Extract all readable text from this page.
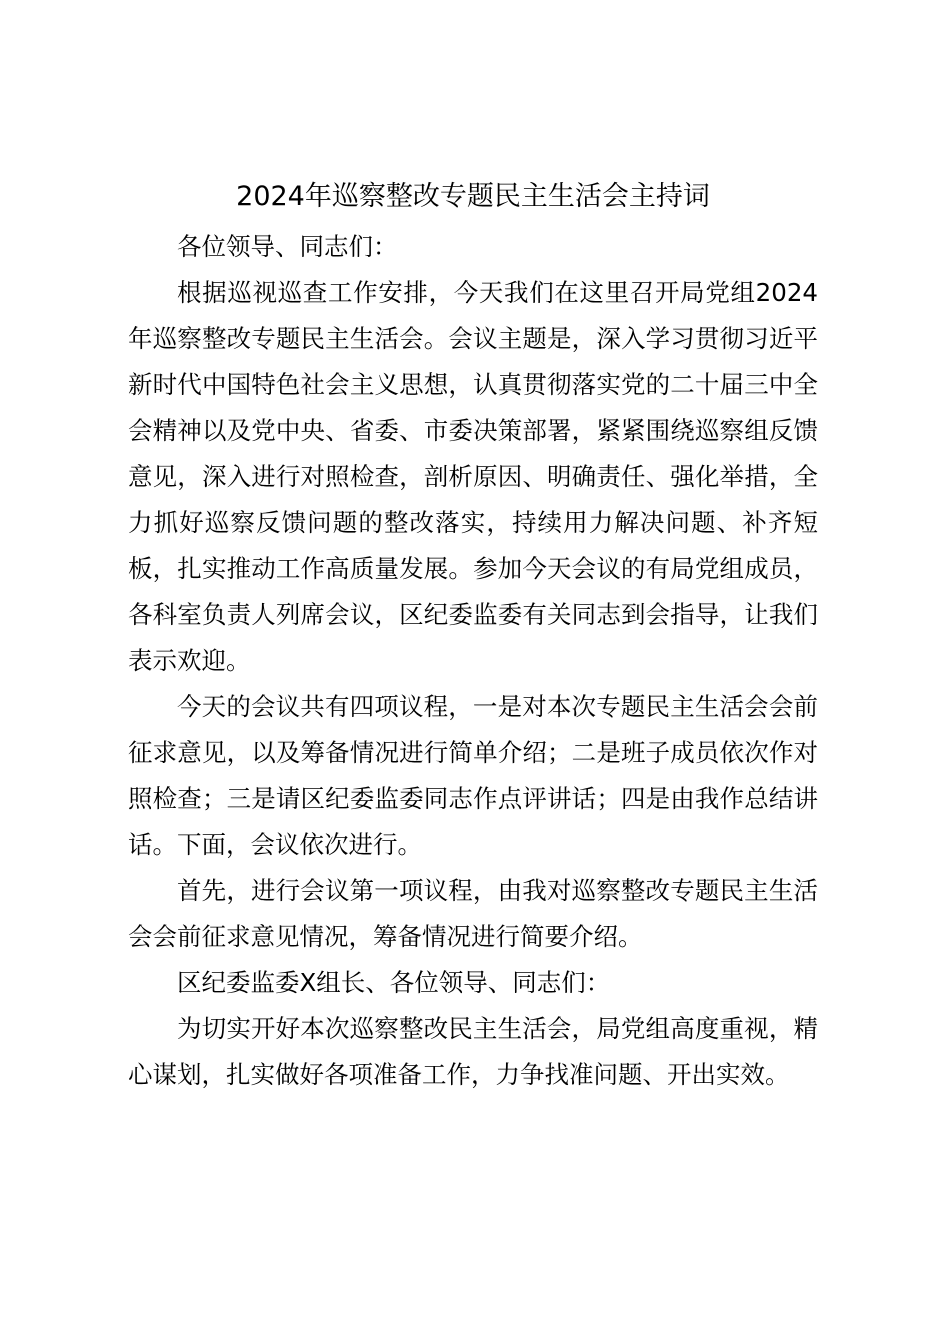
2024年巡察整改专题民主生活会主持词

各位领导、同志们：

根据巡视巡查工作安排，今天我们在这里召开局党组2024年巡察整改专题民主生活会。会议主题是，深入学习贯彻习近平新时代中国特色社会主义思想，认真贯彻落实党的二十届三中全会精神以及党中央、省委、市委决策部署，紧紧围绕巡察组反馈意见，深入进行对照检查，剖析原因、明确责任、强化举措，全力抓好巡察反馈问题的整改落实，持续用力解决问题、补齐短板，扎实推动工作高质量发展。参加今天会议的有局党组成员，各科室负责人列席会议，区纪委监委有关同志到会指导，让我们表示欢迎。

今天的会议共有四项议程，一是对本次专题民主生活会会前征求意见，以及筹备情况进行简单介绍；二是班子成员依次作对照检查；三是请区纪委监委同志作点评讲话；四是由我作总结讲话。下面，会议依次进行。

首先，进行会议第一项议程，由我对巡察整改专题民主生活会会前征求意见情况，筹备情况进行简要介绍。

区纪委监委X组长、各位领导、同志们：

为切实开好本次巡察整改民主生活会，局党组高度重视，精心谋划，扎实做好各项准备工作，力争找准问题、开出实效。
